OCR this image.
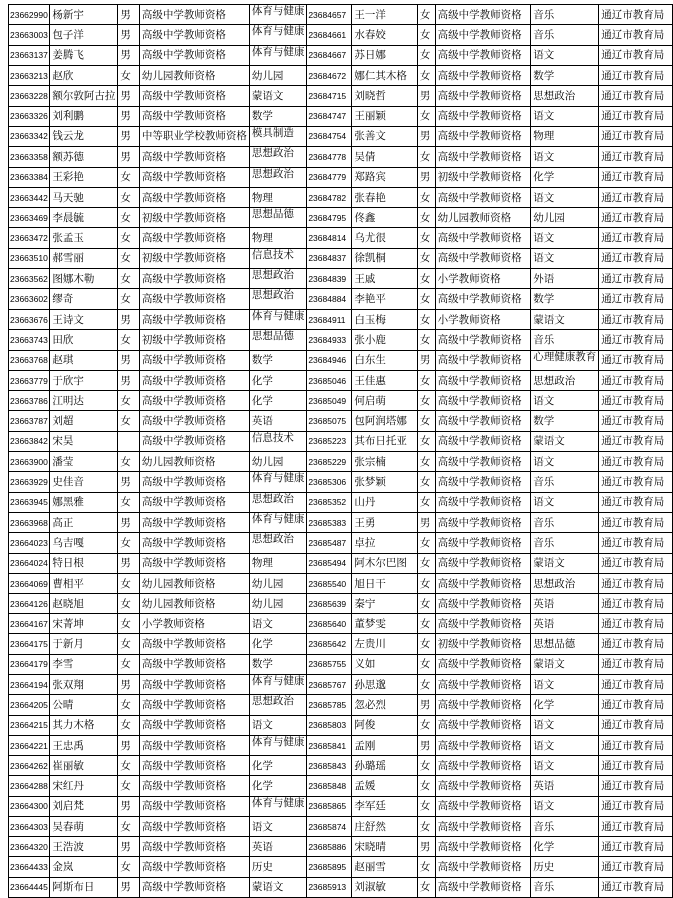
23662990	杨新宇	男	高级中学教师资格	体育与健康	23684657	王一洋	女	高级中学教师资格	音乐	通辽市教育局
23663003	包子洋	男	高级中学教师资格	体育与健康	23684661	水春姣	女	高级中学教师资格	音乐	通辽市教育局
23663137	姜腾飞	男	高级中学教师资格	体育与健康	23684667	苏日娜	女	高级中学教师资格	语文	通辽市教育局
23663213	赵欣	女	幼儿园教师资格	幼儿园	23684672	娜仁其木格	女	高级中学教师资格	数学	通辽市教育局
23663228	额尔敦阿古拉	男	高级中学教师资格	蒙语文	23684715	刘晓哲	男	高级中学教师资格	思想政治	通辽市教育局
23663326	刘利鹏	男	高级中学教师资格	数学	23684747	王丽颖	女	高级中学教师资格	语文	通辽市教育局
23663342	钱云龙	男	中等职业学校教师资格	模具制造	23684754	张善文	男	高级中学教师资格	物理	通辽市教育局
23663358	额苏德	男	高级中学教师资格	思想政治	23684778	吴倩	女	高级中学教师资格	语文	通辽市教育局
23663384	王彩艳	女	高级中学教师资格	思想政治	23684779	郑路宾	男	初级中学教师资格	化学	通辽市教育局
23663442	马天驰	女	高级中学教师资格	物理	23684782	张春艳	女	高级中学教师资格	语文	通辽市教育局
23663469	李晨毓	女	初级中学教师资格	思想品德	23684795	佟鑫	女	幼儿园教师资格	幼儿园	通辽市教育局
23663472	张孟玉	女	高级中学教师资格	物理	23684814	乌尤很	女	高级中学教师资格	语文	通辽市教育局
23663510	郝雪丽	女	初级中学教师资格	信息技术	23684837	徐凯桐	女	高级中学教师资格	语文	通辽市教育局
23663562	图娜木勒	女	高级中学教师资格	思想政治	23684839	王戚	女	小学教师资格	外语	通辽市教育局
23663602	缪奇	女	高级中学教师资格	思想政治	23684884	李艳平	女	高级中学教师资格	数学	通辽市教育局
23663676	王诗文	男	高级中学教师资格	体育与健康	23684911	白玉梅	女	小学教师资格	蒙语文	通辽市教育局
23663743	田欣	女	初级中学教师资格	思想品德	23684933	张小鹿	女	高级中学教师资格	音乐	通辽市教育局
23663768	赵琪	男	高级中学教师资格	数学	23684946	白东生	男	高级中学教师资格	心理健康教育	通辽市教育局
23663779	于欣宇	男	高级中学教师资格	化学	23685046	王佳惠	女	高级中学教师资格	思想政治	通辽市教育局
23663786	江明达	女	高级中学教师资格	化学	23685049	何启萌	女	高级中学教师资格	语文	通辽市教育局
23663787	刘超	女	高级中学教师资格	英语	23685075	包阿润塔娜	女	高级中学教师资格	数学	通辽市教育局
23663842	宋昊		高级中学教师资格	信息技术	23685223	其布日托亚	女	高级中学教师资格	蒙语文	通辽市教育局
23663900	潘莹	女	幼儿园教师资格	幼儿园	23685229	张宗楠	女	高级中学教师资格	语文	通辽市教育局
23663929	史佳音	男	高级中学教师资格	体育与健康	23685306	张梦颖	女	高级中学教师资格	音乐	通辽市教育局
23663945	娜黑雅	女	高级中学教师资格	思想政治	23685352	山丹	女	高级中学教师资格	语文	通辽市教育局
23663968	高正	男	高级中学教师资格	体育与健康	23685383	王勇	男	高级中学教师资格	音乐	通辽市教育局
23664023	乌吉嘎	女	高级中学教师资格	思想政治	23685487	卓拉	女	高级中学教师资格	音乐	通辽市教育局
23664024	特日根	男	高级中学教师资格	物理	23685494	阿木尔巴图	女	高级中学教师资格	蒙语文	通辽市教育局
23664069	曹相平	女	幼儿园教师资格	幼儿园	23685540	旭日干	女	高级中学教师资格	思想政治	通辽市教育局
23664126	赵晓旭	女	幼儿园教师资格	幼儿园	23685639	秦宁	女	高级中学教师资格	英语	通辽市教育局
23664167	宋菁坤	女	小学教师资格	语文	23685640	董梦雯	女	高级中学教师资格	英语	通辽市教育局
23664175	于新月	女	高级中学教师资格	化学	23685642	左贵川	女	初级中学教师资格	思想品德	通辽市教育局
23664179	李雪	女	高级中学教师资格	数学	23685755	义如	女	高级中学教师资格	蒙语文	通辽市教育局
23664194	张双翔	男	高级中学教师资格	体育与健康	23685767	孙思邈	女	高级中学教师资格	语文	通辽市教育局
23664205	公晴	女	高级中学教师资格	思想政治	23685785	忽必烈	男	高级中学教师资格	化学	通辽市教育局
23664215	其力木格	女	高级中学教师资格	语文	23685803	阿俊	女	高级中学教师资格	语文	通辽市教育局
23664221	王忠禹	男	高级中学教师资格	体育与健康	23685841	孟刚	男	高级中学教师资格	语文	通辽市教育局
23664262	崔丽敏	女	高级中学教师资格	化学	23685843	孙璐瑶	女	高级中学教师资格	语文	通辽市教育局
23664288	宋红丹	女	高级中学教师资格	化学	23685848	孟媛	女	高级中学教师资格	英语	通辽市教育局
23664300	刘启梵	男	高级中学教师资格	体育与健康	23685865	李军廷	女	高级中学教师资格	语文	通辽市教育局
23664303	吴春萌	女	高级中学教师资格	语文	23685874	庄舒然	女	高级中学教师资格	音乐	通辽市教育局
23664320	王浩波	男	高级中学教师资格	英语	23685886	宋晓晴	男	高级中学教师资格	化学	通辽市教育局
23664433	金岚	女	高级中学教师资格	历史	23685895	赵丽雪	女	高级中学教师资格	历史	通辽市教育局
23664445	阿斯布日	男	高级中学教师资格	蒙语文	23685913	刘淑敏	女	高级中学教师资格	音乐	通辽市教育局
